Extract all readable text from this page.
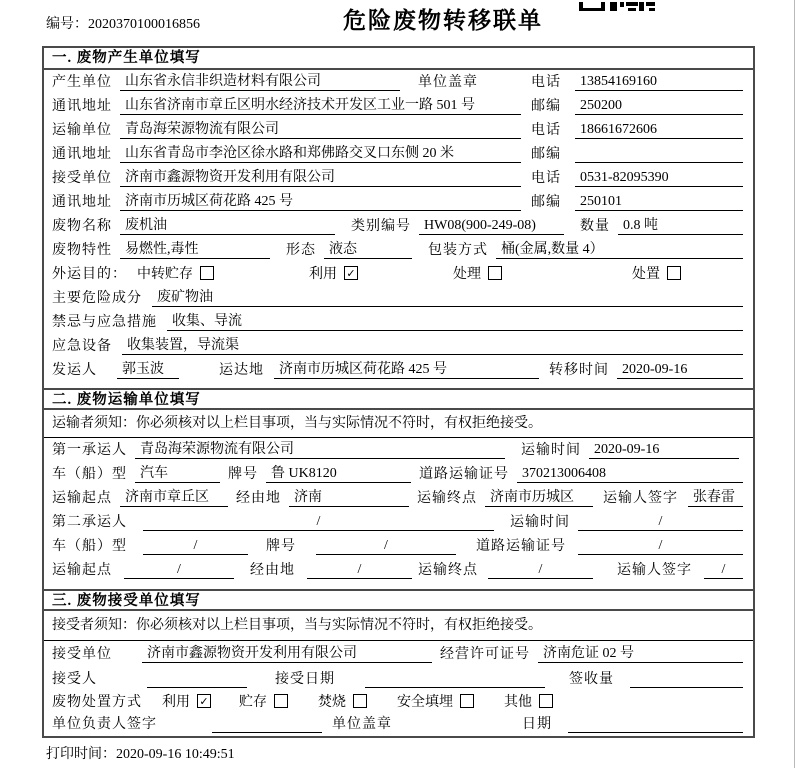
编号：2020370100016856	危险废物转移联单
一. 废物产生单位填写
产生单位 山东省永信非织造材料有限公司	单位盖章	电话	13854169160
通讯地址 山东省济南市章丘区明水经济技术开发区工业一路 501 号	邮编	250200
运输单位 青岛海荣源物流有限公司	电话	18661672606
通讯地址 山东省青岛市李沧区徐水路和郑佛路交叉口东侧 20 米	邮编
接受单位 济南市鑫源物资开发利用有限公司	电话	0531-82095390
通讯地址 济南市历城区荷花路 425 号	邮编	250101
废物名称 废机油	类别编号 HW08(900-249-08)	数量 0.8 吨
废物特性 易燃性,毒性	形态 液态	包装方式 桶(金属,数量 4）
外运目的： 中转贮存	利用 ✓	处理	处置
主要危险成分	废矿物油
禁忌与应急措施	收集、导流
应急设备	收集装置，导流渠
发运人	郭玉波	运达地	济南市历城区荷花路 425 号	转移时间 2020-09-16
二. 废物运输单位填写
运输者须知：你必须核对以上栏目事项，当与实际情况不符时，有权拒绝接受。
第一承运人 青岛海荣源物流有限公司	运输时间 2020-09-16
车（船）型 汽车	牌号 鲁 UK8120	道路运输证号 370213006408
运输起点 济南市章丘区	经由地 济南	运输终点 济南市历城区	运输人签字	张春雷
第二承运人	/	运输时间	/
车（船）型	/	牌号	/	道路运输证号	/
运输起点	/	经由地	/	运输终点	/	运输人签字	/
三. 废物接受单位填写
接受者须知：你必须核对以上栏目事项，当与实际情况不符时，有权拒绝接受。
接受单位	济南市鑫源物资开发利用有限公司	经营许可证号 济南危证 02 号
接受人	接受日期	签收量
废物处置方式 利用 ✓ 贮存	焚烧	安全填埋	其他
单位负责人签字	单位盖章	日期
打印时间：2020-09-16 10:49:51
